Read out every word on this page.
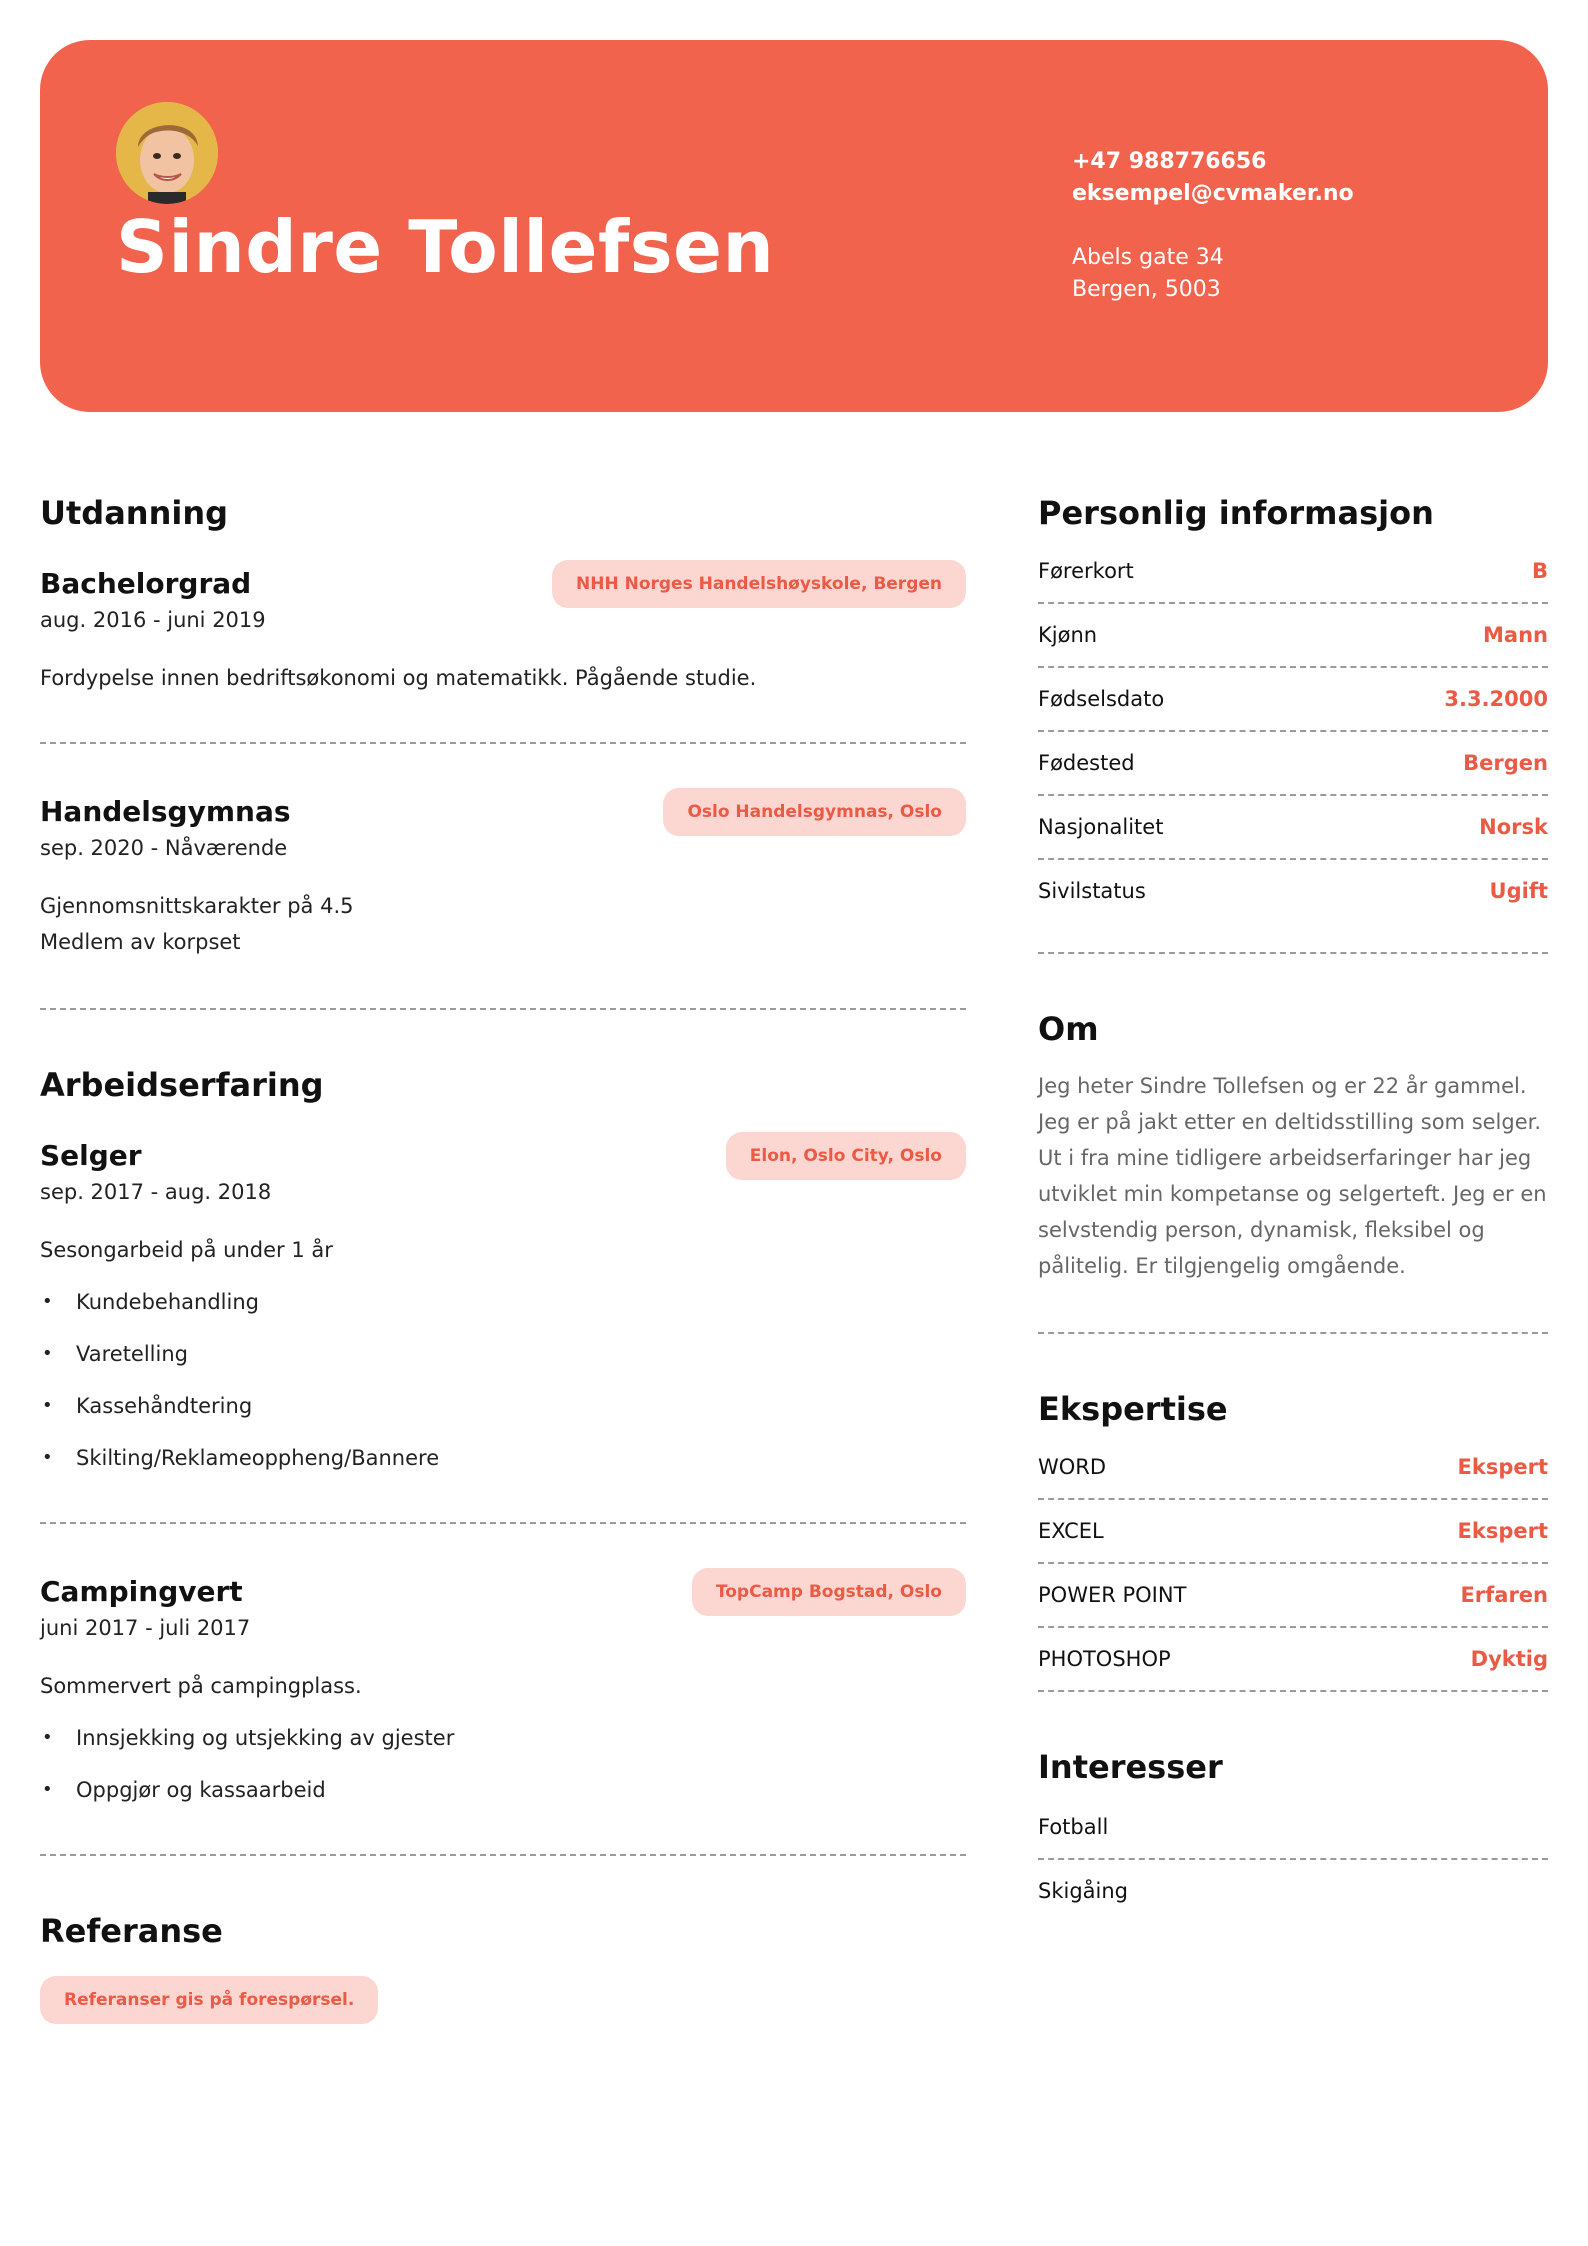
Sindre Tollefsen
+47 988776656
eksempel@cvmaker.no
Abels gate 34
Bergen, 5003
Utdanning
NHH Norges Handelshøyskole, Bergen
Bachelorgrad
aug. 2016 - juni 2019
Fordypelse innen bedriftsøkonomi og matematikk. Pågående studie.
Oslo Handelsgymnas, Oslo
Handelsgymnas
sep. 2020 - Nåværende
Gjennomsnittskarakter på 4.5
Medlem av korpset
Arbeidserfaring
Elon, Oslo City, Oslo
Selger
sep. 2017 - aug. 2018
Sesongarbeid på under 1 år
• Kundebehandling
• Varetelling
• Kassehåndtering
• Skilting/Reklameoppheng/Bannere
TopCamp Bogstad, Oslo
Campingvert
juni 2017 - juli 2017
Sommervert på campingplass.
• Innsjekking og utsjekking av gjester
• Oppgjør og kassaarbeid
Referanse
Referanser gis på forespørsel.
Personlig informasjon
Førerkort	B
Kjønn	Mann
Fødselsdato	3.3.2000
Fødested	Bergen
Nasjonalitet	Norsk
Sivilstatus	Ugift
Om
Jeg heter Sindre Tollefsen og er 22 år gammel. Jeg er på jakt etter en deltidsstilling som selger. Ut i fra mine tidligere arbeidserfaringer har jeg utviklet min kompetanse og selgerteft. Jeg er en selvstendig person, dynamisk, fleksibel og pålitelig. Er tilgjengelig omgående.
Ekspertise
WORD	Ekspert
EXCEL	Ekspert
POWER POINT	Erfaren
PHOTOSHOP	Dyktig
Interesser
Fotball
Skigåing
